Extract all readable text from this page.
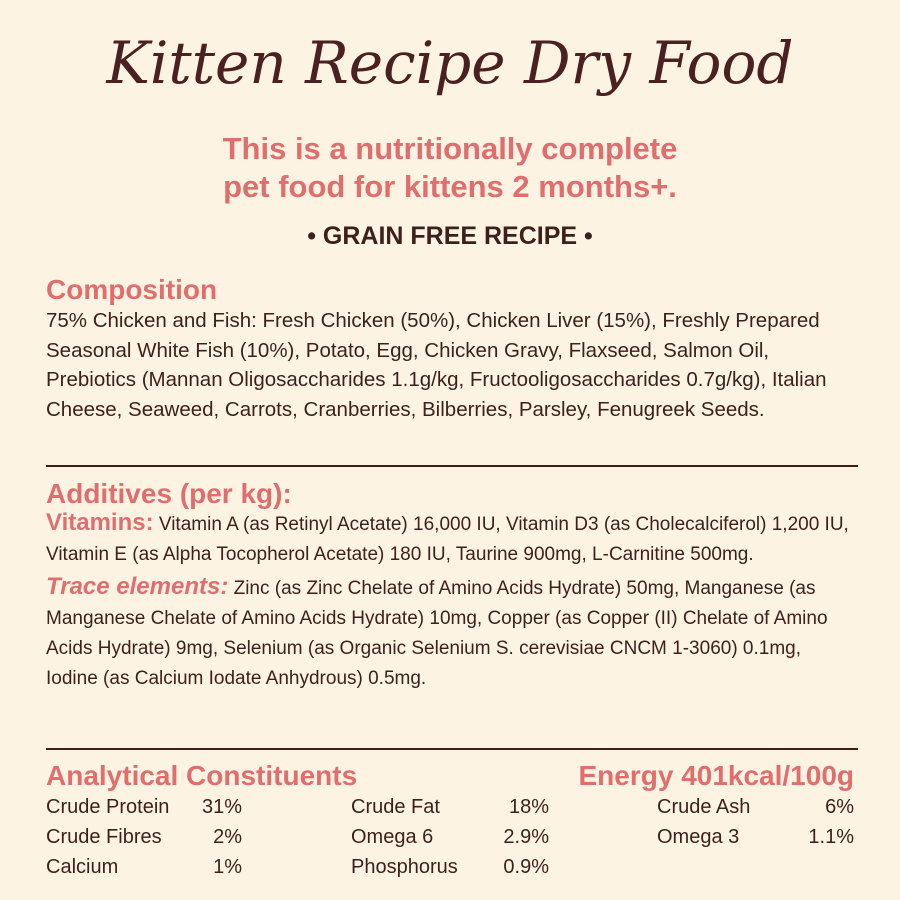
Kitten Recipe Dry Food
This is a nutritionally complete
pet food for kittens 2 months+.
• GRAIN FREE RECIPE •
Composition
75% Chicken and Fish: Fresh Chicken (50%), Chicken Liver (15%), Freshly Prepared Seasonal White Fish (10%), Potato, Egg, Chicken Gravy, Flaxseed, Salmon Oil, Prebiotics (Mannan Oligosaccharides 1.1g/kg, Fructooligosaccharides 0.7g/kg), Italian Cheese, Seaweed, Carrots, Cranberries, Bilberries, Parsley, Fenugreek Seeds.
Additives (per kg):

Vitamins: Vitamin A (as Retinyl Acetate) 16,000 IU, Vitamin D3 (as Cholecalciferol) 1,200 IU, Vitamin E (as Alpha Tocopherol Acetate) 180 IU, Taurine 900mg, L-Carnitine 500mg.

Trace elements: Zinc (as Zinc Chelate of Amino Acids Hydrate) 50mg, Manganese (as Manganese Chelate of Amino Acids Hydrate) 10mg, Copper (as Copper (II) Chelate of Amino Acids Hydrate) 9mg, Selenium (as Organic Selenium S. cerevisiae CNCM 1-3060) 0.1mg, Iodine (as Calcium Iodate Anhydrous) 0.5mg.

Analytical Constituents	Energy 401kcal/100g
Crude Protein 31%	Crude Fat	18%	Crude Ash	6%
Crude Fibres	2%	Omega 6	2.9%	Omega 3	1.1%
Calcium	1%	Phosphorus 0.9%
